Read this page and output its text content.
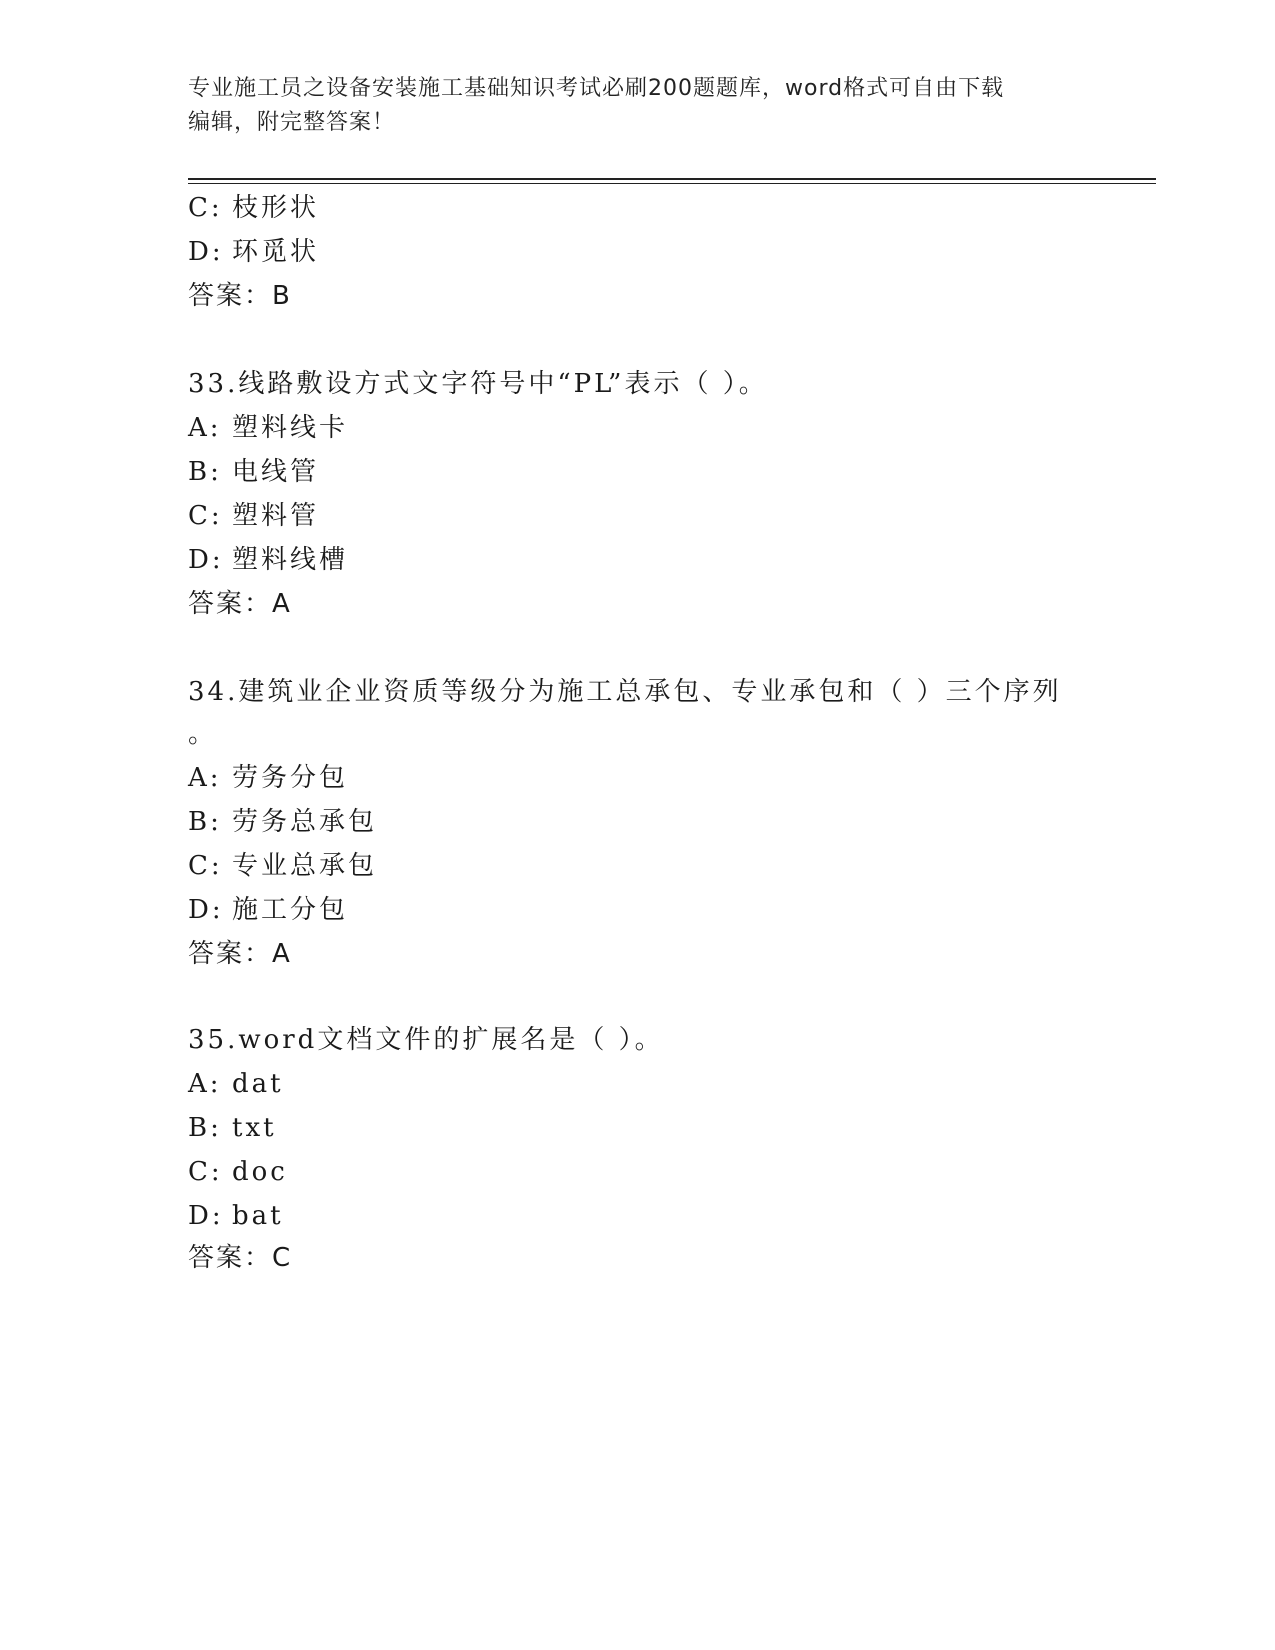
专业施工员之设备安装施工基础知识考试必刷200题题库，word格式可自由下载
编辑，附完整答案！
C: 枝形状
D: 环觅状
答案：B
33.线路敷设方式文字符号中“PL”表示（ ）。
A: 塑料线卡
B: 电线管
C: 塑料管
D: 塑料线槽
答案：A
34.建筑业企业资质等级分为施工总承包、专业承包和（ ）三个序列
。
A: 劳务分包
B: 劳务总承包
C: 专业总承包
D: 施工分包
答案：A
35.word文档文件的扩展名是（ ）。
A: dat
B: txt
C: doc
D: bat
答案：C
